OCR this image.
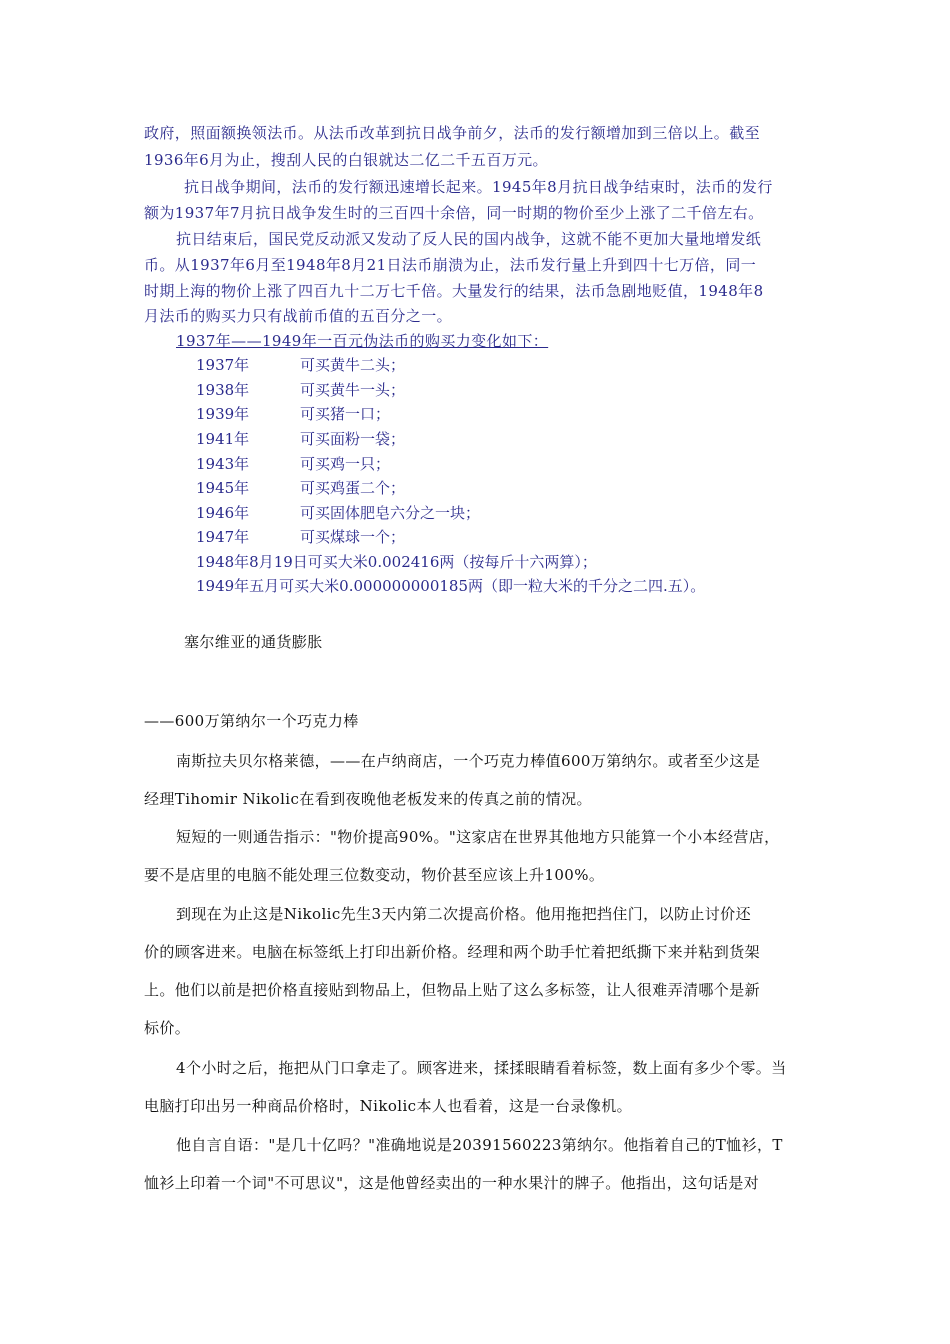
政府，照面额换领法币。从法币改革到抗日战争前夕，法币的发行额增加到三倍以上。截至
1936年6月为止，搜刮人民的白银就达二亿二千五百万元。
抗日战争期间，法币的发行额迅速增长起来。1945年8月抗日战争结束时，法币的发行
额为1937年7月抗日战争发生时的三百四十余倍，同一时期的物价至少上涨了二千倍左右。
抗日结束后，国民党反动派又发动了反人民的国内战争，这就不能不更加大量地增发纸
币。从1937年6月至1948年8月21日法币崩溃为止，法币发行量上升到四十七万倍，同一
时期上海的物价上涨了四百九十二万七千倍。大量发行的结果，法币急剧地贬值，1948年8
月法币的购买力只有战前币值的五百分之一。
1937年——1949年一百元伪法币的购买力变化如下：
1937年	可买黄牛二头；
1938年	可买黄牛一头；
1939年	可买猪一口；
1941年	可买面粉一袋；
1943年	可买鸡一只；
1945年	可买鸡蛋二个；
1946年	可买固体肥皂六分之一块；
1947年	可买煤球一个；
1948年8月19日可买大米0.002416两（按每斤十六两算）；
1949年五月可买大米0.000000000185两（即一粒大米的千分之二四.五）。
塞尔维亚的通货膨胀
——600万第纳尔一个巧克力棒
南斯拉夫贝尔格莱德，——在卢纳商店，一个巧克力棒值600万第纳尔。或者至少这是
经理Tihomir Nikolic在看到夜晚他老板发来的传真之前的情况。
短短的一则通告指示："物价提高90%。"这家店在世界其他地方只能算一个小本经营店，
要不是店里的电脑不能处理三位数变动，物价甚至应该上升100%。
到现在为止这是Nikolic先生3天内第二次提高价格。他用拖把挡住门，以防止讨价还
价的顾客进来。电脑在标签纸上打印出新价格。经理和两个助手忙着把纸撕下来并粘到货架
上。他们以前是把价格直接贴到物品上，但物品上贴了这么多标签，让人很难弄清哪个是新
标价。
4个小时之后，拖把从门口拿走了。顾客进来，揉揉眼睛看着标签，数上面有多少个零。当
电脑打印出另一种商品价格时，Nikolic本人也看着，这是一台录像机。
他自言自语："是几十亿吗？"准确地说是20391560223第纳尔。他指着自己的T恤衫，T
恤衫上印着一个词"不可思议"，这是他曾经卖出的一种水果汁的牌子。他指出，这句话是对
